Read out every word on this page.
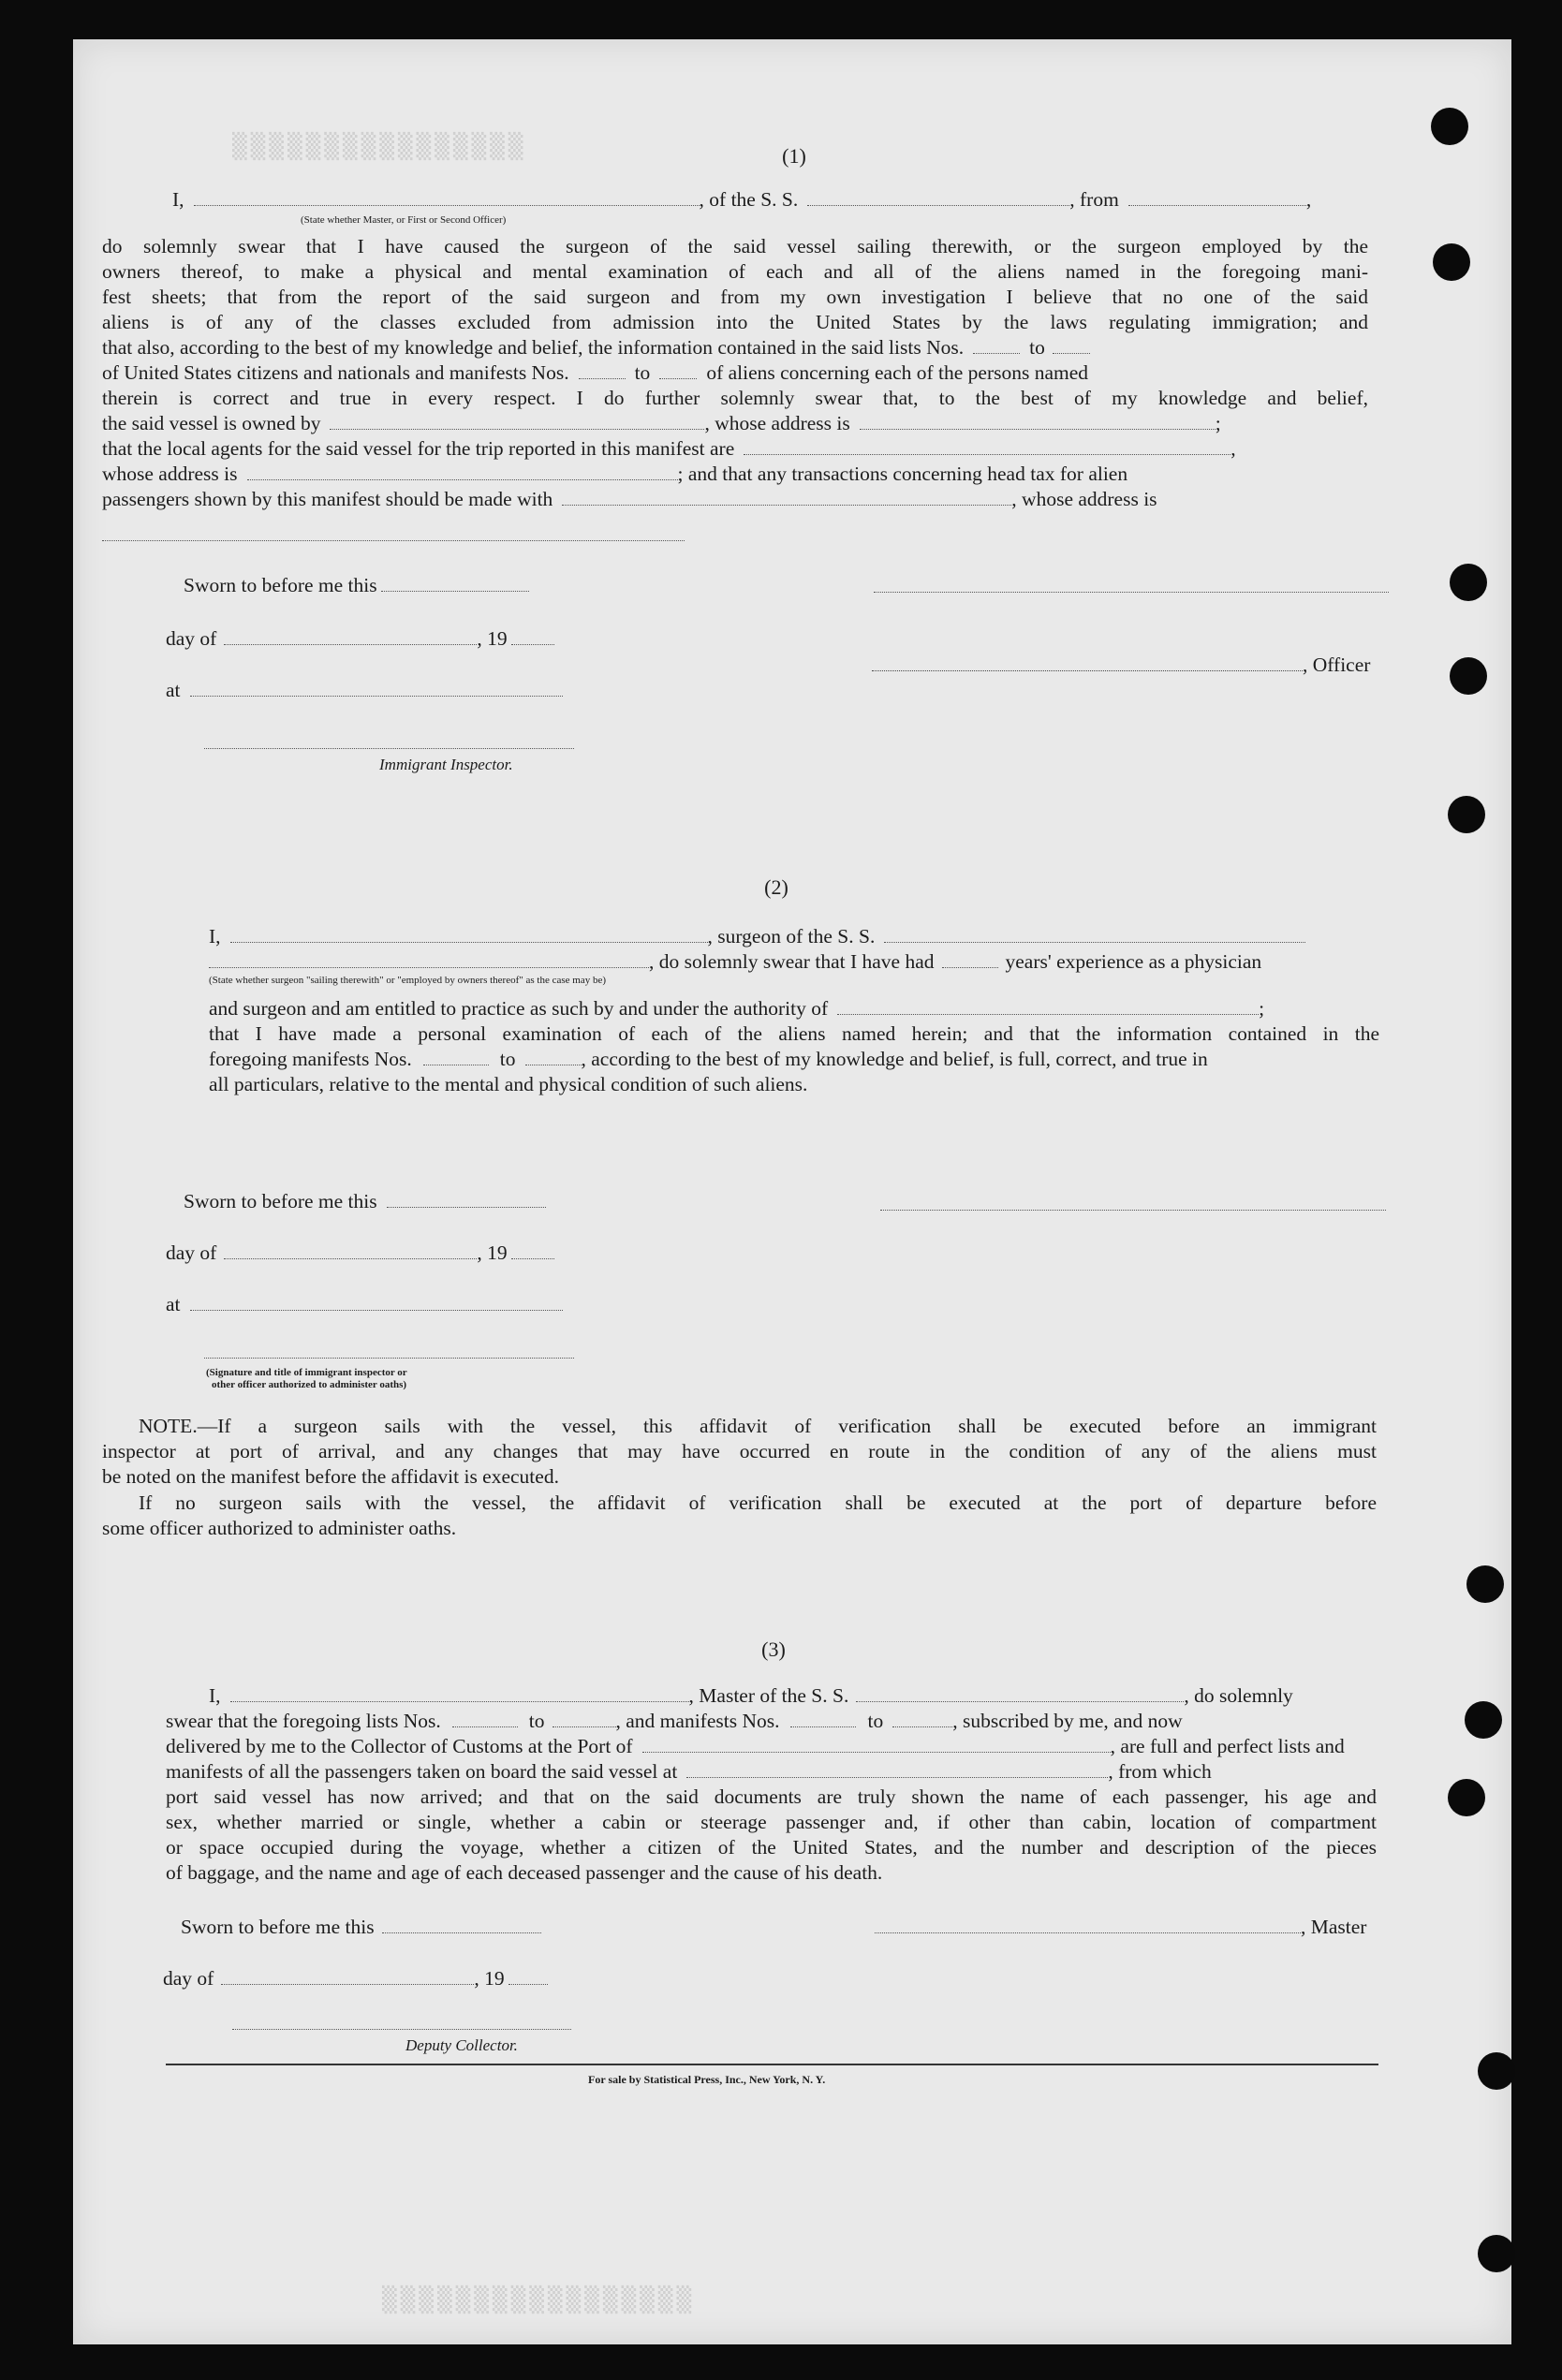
▒▒▒▒▒▒▒▒▒▒▒▒▒▒▒▒
▒▒▒▒▒▒▒▒▒▒▒▒▒▒▒▒▒
(1)
I,	, of the S. S.	, from	,
(State whether Master, or First or Second Officer)
do solemnly swear that I have caused the surgeon of the said vessel sailing therewith, or the surgeon employed by the
owners thereof, to make a physical and mental examination of each and all of the aliens named in the foregoing mani-
fest sheets; that from the report of the said surgeon and from my own investigation I believe that no one of the said
aliens is of any of the classes excluded from admission into the United States by the laws regulating immigration; and
that also, according to the best of my knowledge and belief, the information contained in the said lists Nos.	to
of United States citizens and nationals and manifests Nos.	to	of aliens concerning each of the persons named
therein is correct and true in every respect. I do further solemnly swear that, to the best of my knowledge and belief,
the said vessel is owned by	, whose address is	;
that the local agents for the said vessel for the trip reported in this manifest are	,
whose address is	; and that any transactions concerning head tax for alien
passengers shown by this manifest should be made with	, whose address is
Sworn to before me this
day of	, 19
, Officer
at
Immigrant Inspector.
(2)
I,	, surgeon of the S. S.
, do solemnly swear that I have had	years' experience as a physician
(State whether surgeon "sailing therewith" or "employed by owners thereof" as the case may be)
and surgeon and am entitled to practice as such by and under the authority of	;
that I have made a personal examination of each of the aliens named herein; and that the information contained in the
foregoing manifests Nos.	to	, according to the best of my knowledge and belief, is full, correct, and true in
all particulars, relative to the mental and physical condition of such aliens.
Sworn to before me this
day of	, 19
at
(Signature and title of immigrant inspector or
other officer authorized to administer oaths)
NOTE.—If a surgeon sails with the vessel, this affidavit of verification shall be executed before an immigrant
inspector at port of arrival, and any changes that may have occurred en route in the condition of any of the aliens must
be noted on the manifest before the affidavit is executed.
If no surgeon sails with the vessel, the affidavit of verification shall be executed at the port of departure before
some officer authorized to administer oaths.
(3)
I,	, Master of the S. S.	, do solemnly
swear that the foregoing lists Nos.	to	, and manifests Nos.	to	, subscribed by me, and now
delivered by me to the Collector of Customs at the Port of	, are full and perfect lists and
manifests of all the passengers taken on board the said vessel at	, from which
port said vessel has now arrived; and that on the said documents are truly shown the name of each passenger, his age and
sex, whether married or single, whether a cabin or steerage passenger and, if other than cabin, location of compartment
or space occupied during the voyage, whether a citizen of the United States, and the number and description of the pieces
of baggage, and the name and age of each deceased passenger and the cause of his death.
Sworn to before me this	, Master
day of	, 19
Deputy Collector.
For sale by Statistical Press, Inc., New York, N. Y.
